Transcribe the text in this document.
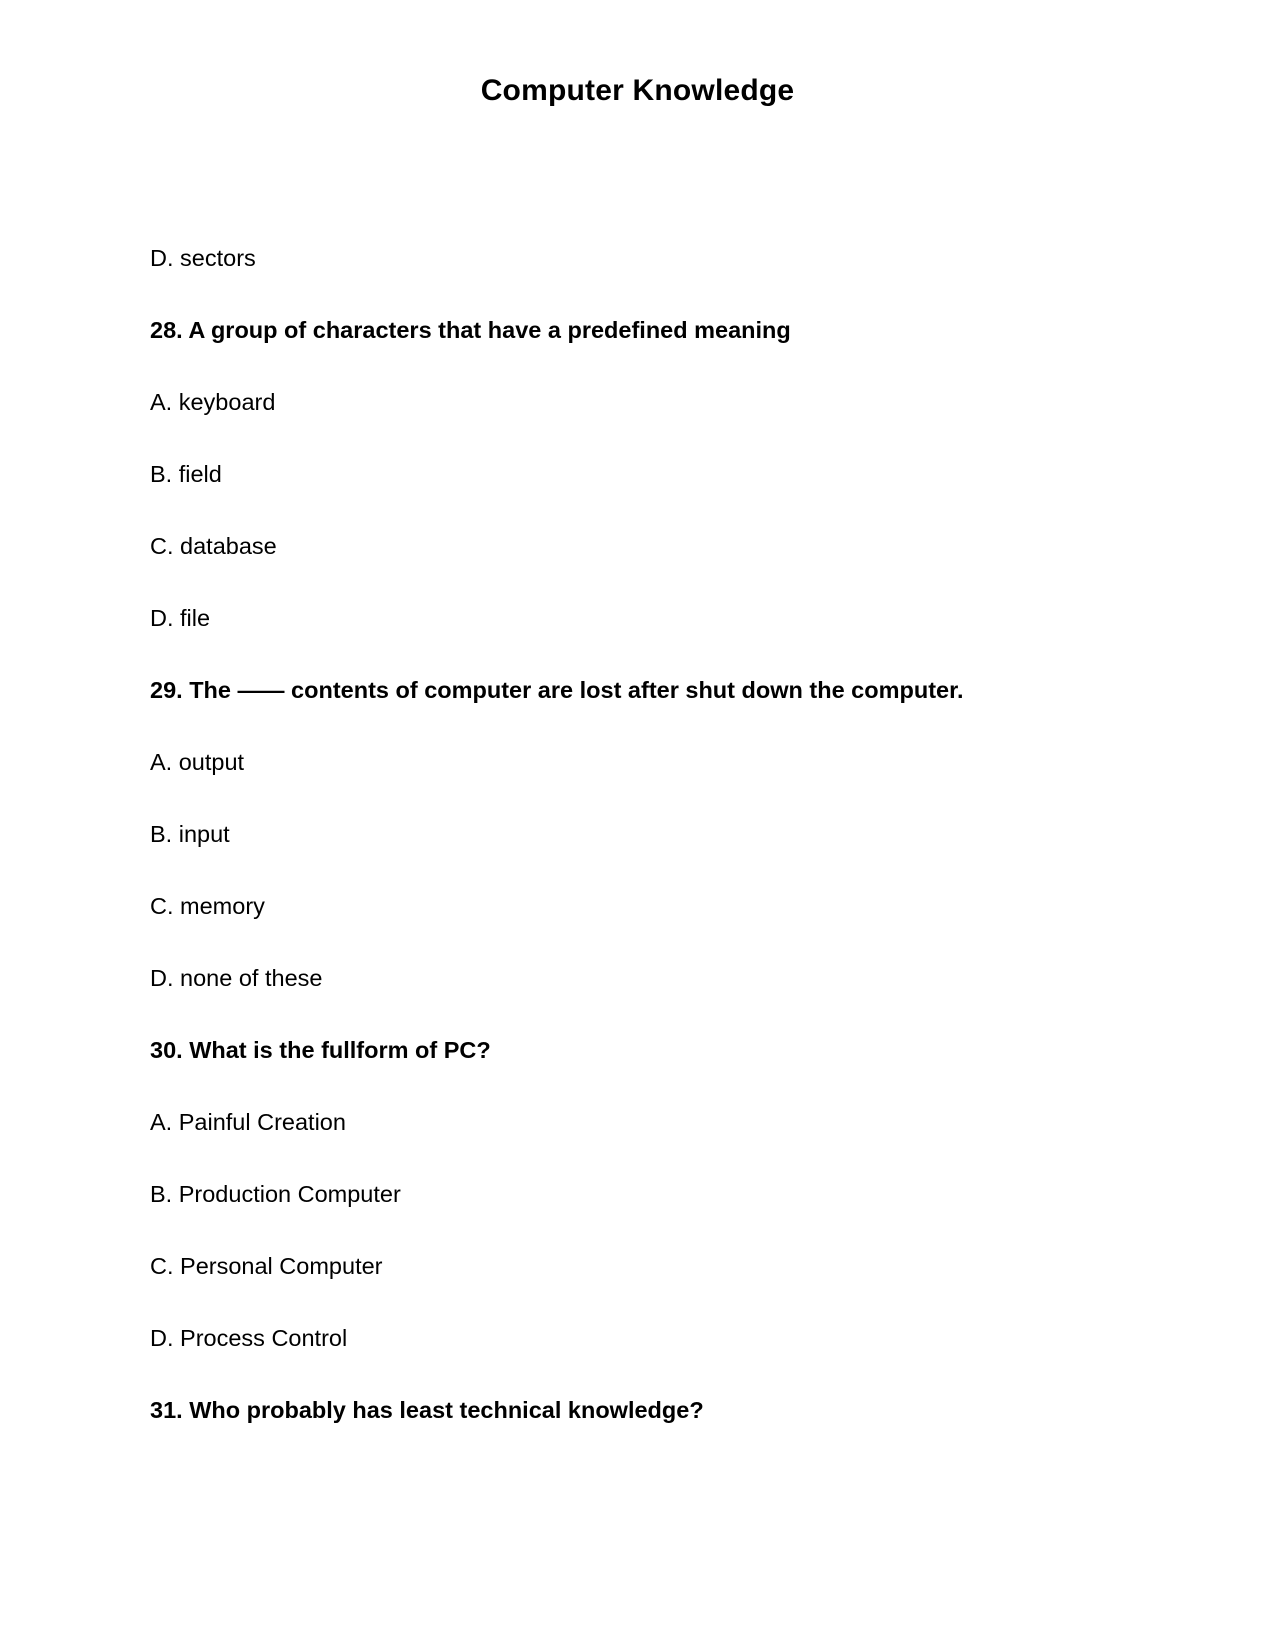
Computer Knowledge
D. sectors
28. A group of characters that have a predefined meaning
A. keyboard
B. field
C. database
D. file
29. The —— contents of computer are lost after shut down the computer.
A. output
B. input
C. memory
D. none of these
30. What is the fullform of PC?
A. Painful Creation
B. Production Computer
C. Personal Computer
D. Process Control
31. Who probably has least technical knowledge?
